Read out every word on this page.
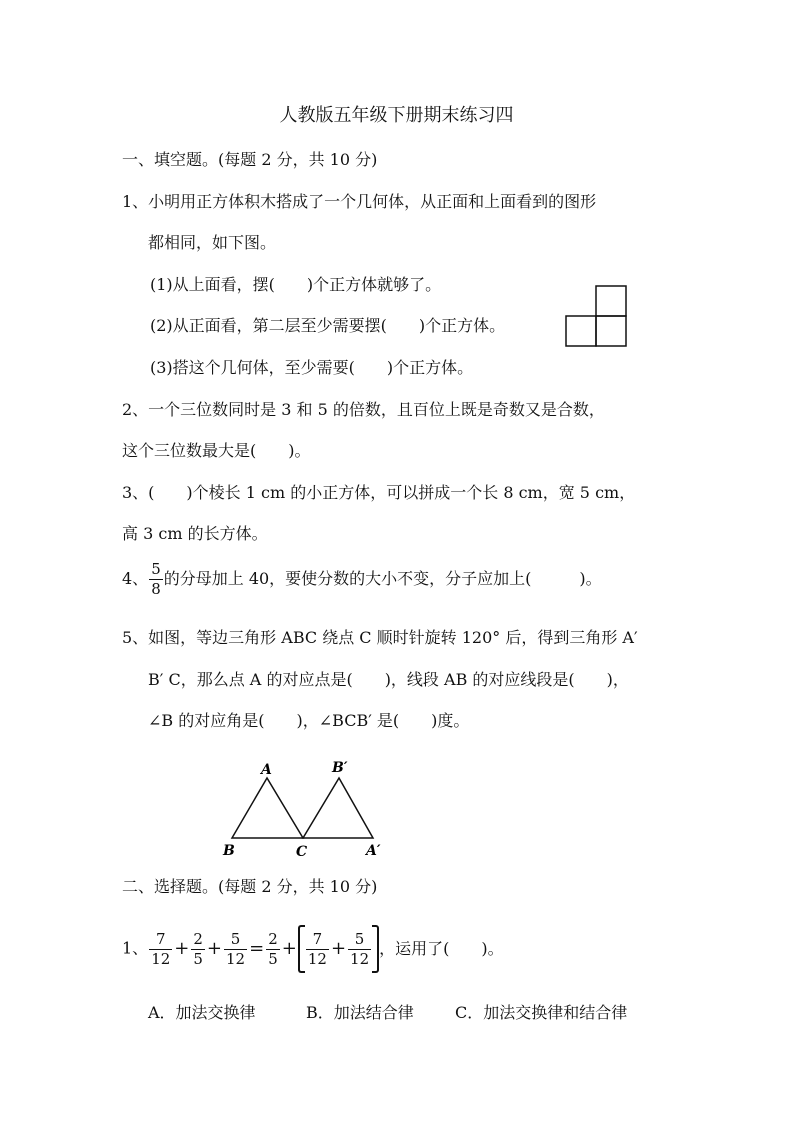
人教版五年级下册期末练习四
一、填空题。(每题 2 分，共 10 分)
1、小明用正方体积木搭成了一个几何体，从正面和上面看到的图形
都相同，如下图。
(1)从上面看，摆(　　)个正方体就够了。
(2)从正面看，第二层至少需要摆(　　)个正方体。
(3)搭这个几何体，至少需要(　　)个正方体。
2、一个三位数同时是 3 和 5 的倍数，且百位上既是奇数又是合数，
这个三位数最大是(　　)。
3、(　　)个棱长 1 cm 的小正方体，可以拼成一个长 8 cm，宽 5 cm，
高 3 cm 的长方体。
4、 $\frac{5}{8}$ 的分母加上 40，要使分数的大小不变，分子应加上(　　　)。
5、如图，等边三角形 ABC 绕点 C 顺时针旋转 120° 后，得到三角形 A′
B′ C，那么点 A 的对应点是(　　)，线段 AB 的对应线段是(　　)，
∠B 的对应角是(　　)，∠BCB′ 是(　　)度。
A
B	C
B′
A′
二、选择题。(每题 2 分，共 10 分)
1、 $\frac{7}{12} + \frac{2}{5} + \frac{5}{12} = \frac{2}{5} + \frac{7}{12} + \frac{5}{12}$ ，运用了(　　)。
A．加法交换律	B．加法结合律	C．加法交换律和结合律
